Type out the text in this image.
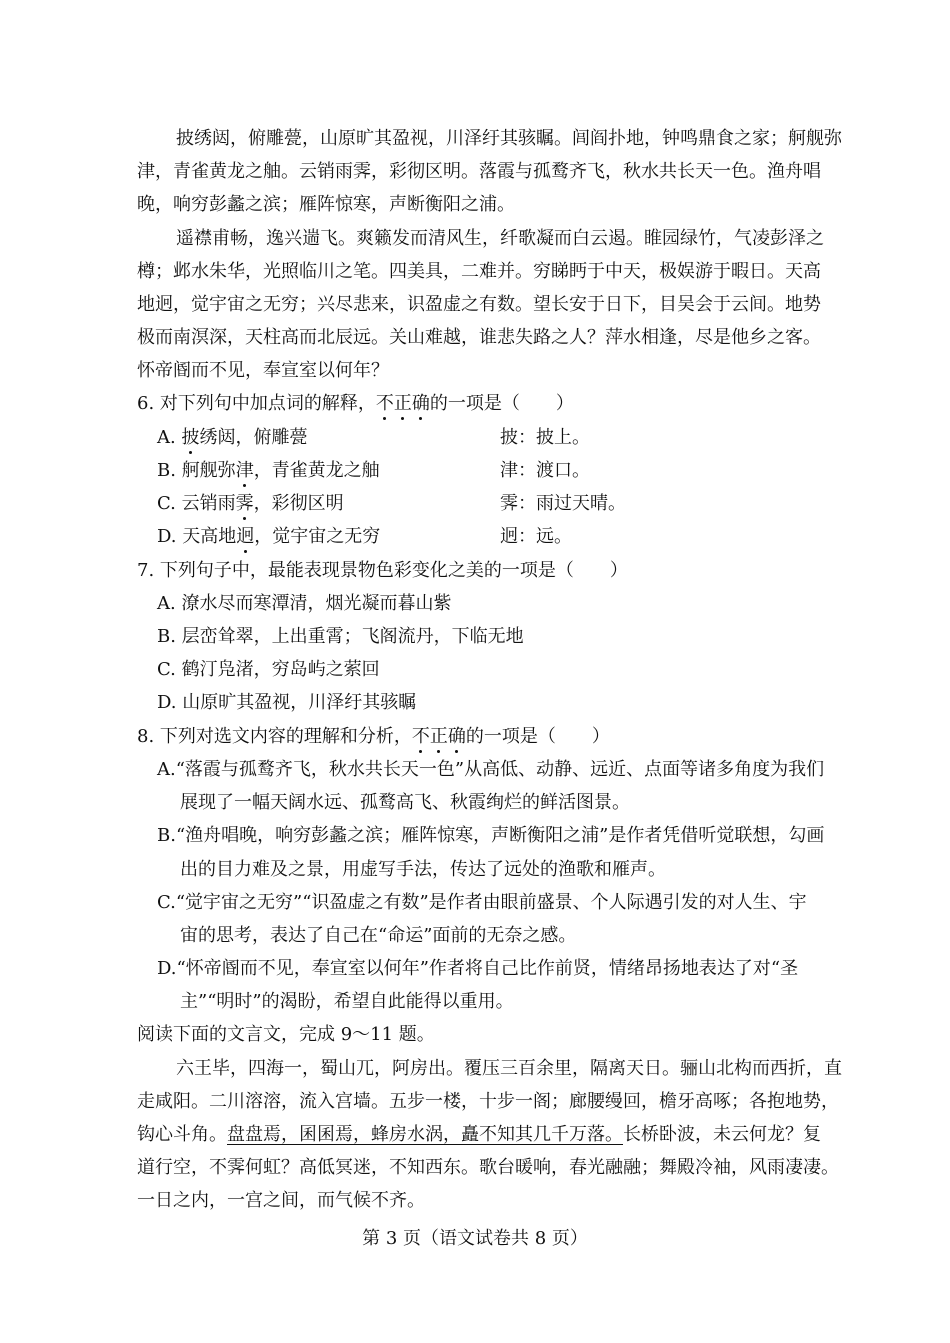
披绣闼，俯雕甍，山原旷其盈视，川泽纡其骇瞩。闾阎扑地，钟鸣鼎食之家；舸舰弥
津，青雀黄龙之舳。云销雨霁，彩彻区明。落霞与孤鹜齐飞，秋水共长天一色。渔舟唱
晚，响穷彭蠡之滨；雁阵惊寒，声断衡阳之浦。
遥襟甫畅，逸兴遄飞。爽籁发而清风生，纤歌凝而白云遏。睢园绿竹，气凌彭泽之
樽；邺水朱华，光照临川之笔。四美具，二难并。穷睇眄于中天，极娱游于暇日。天高
地迥，觉宇宙之无穷；兴尽悲来，识盈虚之有数。望长安于日下，目吴会于云间。地势
极而南溟深，天柱高而北辰远。关山难越，谁悲失路之人？萍水相逢，尽是他乡之客。
怀帝阍而不见，奉宣室以何年？
6. 对下列句中加点词的解释，不正确的一项是（　　）
A. 披绣闼，俯雕甍	披：披上。
B. 舸舰弥津，青雀黄龙之舳	津：渡口。
C. 云销雨霁，彩彻区明	霁：雨过天晴。
D. 天高地迥，觉宇宙之无穷	迥：远。
7. 下列句子中，最能表现景物色彩变化之美的一项是（　　）
A. 潦水尽而寒潭清，烟光凝而暮山紫
B. 层峦耸翠，上出重霄；飞阁流丹，下临无地
C. 鹤汀凫渚，穷岛屿之萦回
D. 山原旷其盈视，川泽纡其骇瞩
8. 下列对选文内容的理解和分析，不正确的一项是（　　）
A.“落霞与孤鹜齐飞，秋水共长天一色”从高低、动静、远近、点面等诸多角度为我们
展现了一幅天阔水远、孤鹜高飞、秋霞绚烂的鲜活图景。
B.“渔舟唱晚，响穷彭蠡之滨；雁阵惊寒，声断衡阳之浦”是作者凭借听觉联想，勾画
出的目力难及之景，用虚写手法，传达了远处的渔歌和雁声。
C.“觉宇宙之无穷”“识盈虚之有数”是作者由眼前盛景、个人际遇引发的对人生、宇
宙的思考，表达了自己在“命运”面前的无奈之感。
D.“怀帝阍而不见，奉宣室以何年”作者将自己比作前贤，情绪昂扬地表达了对“圣
主”“明时”的渴盼，希望自此能得以重用。
阅读下面的文言文，完成 9～11 题。
六王毕，四海一，蜀山兀，阿房出。覆压三百余里，隔离天日。骊山北构而西折，直
走咸阳。二川溶溶，流入宫墙。五步一楼，十步一阁；廊腰缦回，檐牙高啄；各抱地势，
钩心斗角。盘盘焉，囷囷焉，蜂房水涡，矗不知其几千万落。长桥卧波，未云何龙？复
道行空，不霁何虹？高低冥迷，不知西东。歌台暖响，春光融融；舞殿冷袖，风雨凄凄。
一日之内，一宫之间，而气候不齐。
第 3 页（语文试卷共 8 页）
